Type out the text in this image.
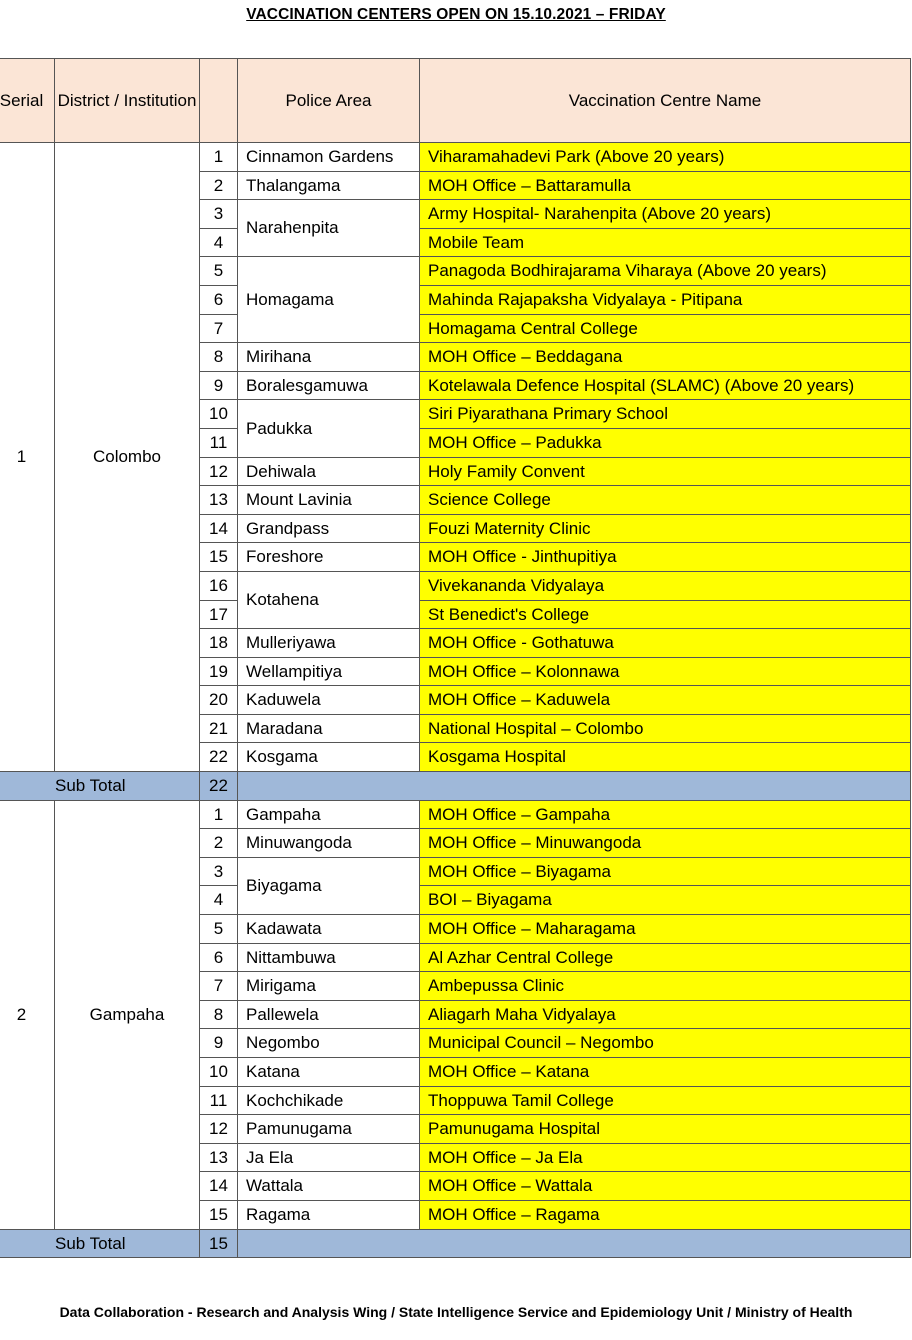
VACCINATION CENTERS OPEN ON 15.10.2021 – FRIDAY
Serial	District / Institution		Police Area	Vaccination Centre Name
1	Colombo	1	Cinnamon Gardens	Viharamahadevi Park (Above 20 years)
		2	Thalangama	MOH Office – Battaramulla
		3	Narahenpita	Army Hospital- Narahenpita (Above 20 years)
		4		Mobile Team
		5	Homagama	Panagoda Bodhirajarama Viharaya (Above 20 years)
		6		Mahinda Rajapaksha Vidyalaya - Pitipana
		7		Homagama Central College
		8	Mirihana	MOH Office – Beddagana
		9	Boralesgamuwa	Kotelawala Defence Hospital (SLAMC) (Above 20 years)
		10	Padukka	Siri Piyarathana Primary School
		11		MOH Office – Padukka
		12	Dehiwala	Holy Family Convent
		13	Mount Lavinia	Science College
		14	Grandpass	Fouzi Maternity Clinic
		15	Foreshore	MOH Office - Jinthupitiya
		16	Kotahena	Vivekananda Vidyalaya
		17		St Benedict's College
		18	Mulleriyawa	MOH Office - Gothatuwa
		19	Wellampitiya	MOH Office – Kolonnawa
		20	Kaduwela	MOH Office – Kaduwela
		21	Maradana	National Hospital – Colombo
		22	Kosgama	Kosgama Hospital
Sub Total		22		
2	Gampaha	1	Gampaha	MOH Office – Gampaha
		2	Minuwangoda	MOH Office – Minuwangoda
		3	Biyagama	MOH Office – Biyagama
		4		BOI – Biyagama
		5	Kadawata	MOH Office – Maharagama
		6	Nittambuwa	Al Azhar Central College
		7	Mirigama	Ambepussa Clinic
		8	Pallewela	Aliagarh Maha Vidyalaya
		9	Negombo	Municipal Council – Negombo
		10	Katana	MOH Office – Katana
		11	Kochchikade	Thoppuwa Tamil College
		12	Pamunugama	Pamunugama Hospital
		13	Ja Ela	MOH Office – Ja Ela
		14	Wattala	MOH Office – Wattala
		15	Ragama	MOH Office – Ragama
Sub Total		15		
Data Collaboration - Research and Analysis Wing / State Intelligence Service and Epidemiology Unit / Ministry of Health
